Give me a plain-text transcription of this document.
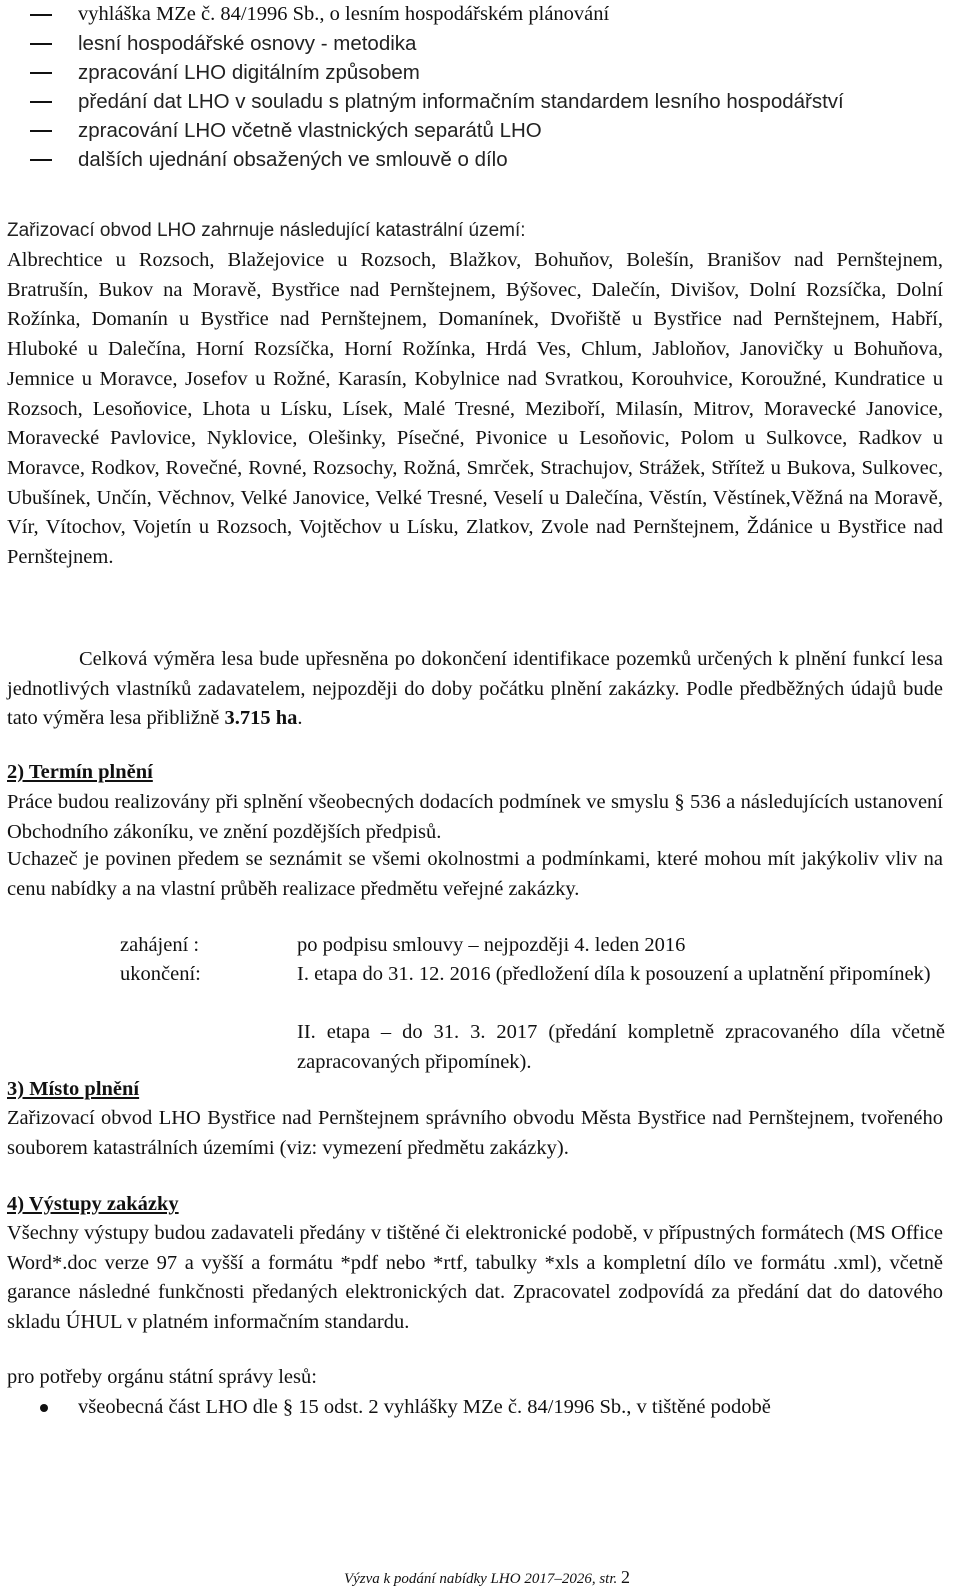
vyhláška MZe č. 84/1996 Sb., o lesním hospodářském plánování
lesní hospodářské osnovy - metodika
zpracování LHO digitálním způsobem
předání dat LHO v souladu s platným informačním standardem lesního hospodářství
zpracování LHO včetně vlastnických separátů LHO
dalších ujednání obsažených ve smlouvě o dílo
Zařizovací obvod LHO zahrnuje následující katastrální území:
Albrechtice u Rozsoch, Blažejovice u Rozsoch, Blažkov, Bohuňov, Bolešín, Branišov nad Pernštejnem, Bratrušín, Bukov na Moravě, Bystřice nad Pernštejnem, Býšovec, Dalečín, Divišov, Dolní Rozsíčka, Dolní Rožínka, Domanín u Bystřice nad Pernštejnem, Domanínek, Dvořiště u Bystřice nad Pernštejnem, Habří, Hluboké u Dalečína, Horní Rozsíčka, Horní Rožínka, Hrdá Ves, Chlum, Jabloňov, Janovičky u Bohuňova, Jemnice u Moravce, Josefov u Rožné, Karasín, Kobylnice nad Svratkou, Korouhvice, Koroužné, Kundratice u Rozsoch, Lesoňovice, Lhota u Lísku, Lísek, Malé Tresné, Meziboří, Milasín, Mitrov, Moravecké Janovice, Moravecké Pavlovice, Nyklovice, Olešinky, Písečné, Pivonice u Lesoňovic, Polom u Sulkovce, Radkov u Moravce, Rodkov, Rovečné, Rovné, Rozsochy, Rožná, Smrček, Strachujov, Strážek, Střítež u Bukova, Sulkovec, Ubušínek, Unčín, Věchnov, Velké Janovice, Velké Tresné, Veselí u Dalečína, Věstín, Věstínek,Věžná na Moravě, Vír, Vítochov, Vojetín u Rozsoch, Vojtěchov u Lísku, Zlatkov, Zvole nad Pernštejnem, Ždánice u Bystřice nad Pernštejnem.
Celková výměra lesa bude upřesněna po dokončení identifikace pozemků určených k plnění funkcí lesa jednotlivých vlastníků zadavatelem, nejpozději do doby počátku plnění zakázky. Podle předběžných údajů bude tato výměra lesa přibližně 3.715 ha.
2) Termín plnění
Práce budou realizovány při splnění všeobecných dodacích podmínek ve smyslu § 536 a následujících ustanovení Obchodního zákoníku, ve znění pozdějších předpisů.
Uchazeč je povinen předem se seznámit se všemi okolnostmi a podmínkami, které mohou mít jakýkoliv vliv na cenu nabídky a na vlastní průběh realizace předmětu veřejné zakázky.
zahájení :	po podpisu smlouvy – nejpozději 4. leden 2016
ukončení:	I. etapa do 31. 12. 2016 (předložení díla k posouzení a uplatnění připomínek)
II. etapa – do 31. 3. 2017 (předání kompletně zpracovaného díla včetně zapracovaných připomínek).
3) Místo plnění
Zařizovací obvod LHO Bystřice nad Pernštejnem správního obvodu Města Bystřice nad Pernštejnem, tvořeného souborem katastrálních územími (viz: vymezení předmětu zakázky).
4) Výstupy zakázky
Všechny výstupy budou zadavateli předány v tištěné či elektronické podobě, v přípustných formátech (MS Office Word*.doc verze 97 a vyšší a formátu *pdf nebo *rtf, tabulky *xls a kompletní dílo ve formátu .xml), včetně garance následné funkčnosti předaných elektronických dat. Zpracovatel zodpovídá za předání dat do datového skladu ÚHUL v platném informačním standardu.
pro potřeby orgánu státní správy lesů:
všeobecná část LHO dle § 15 odst. 2 vyhlášky MZe č. 84/1996 Sb., v tištěné podobě
Výzva k podání nabídky LHO 2017–2026, str. 2
